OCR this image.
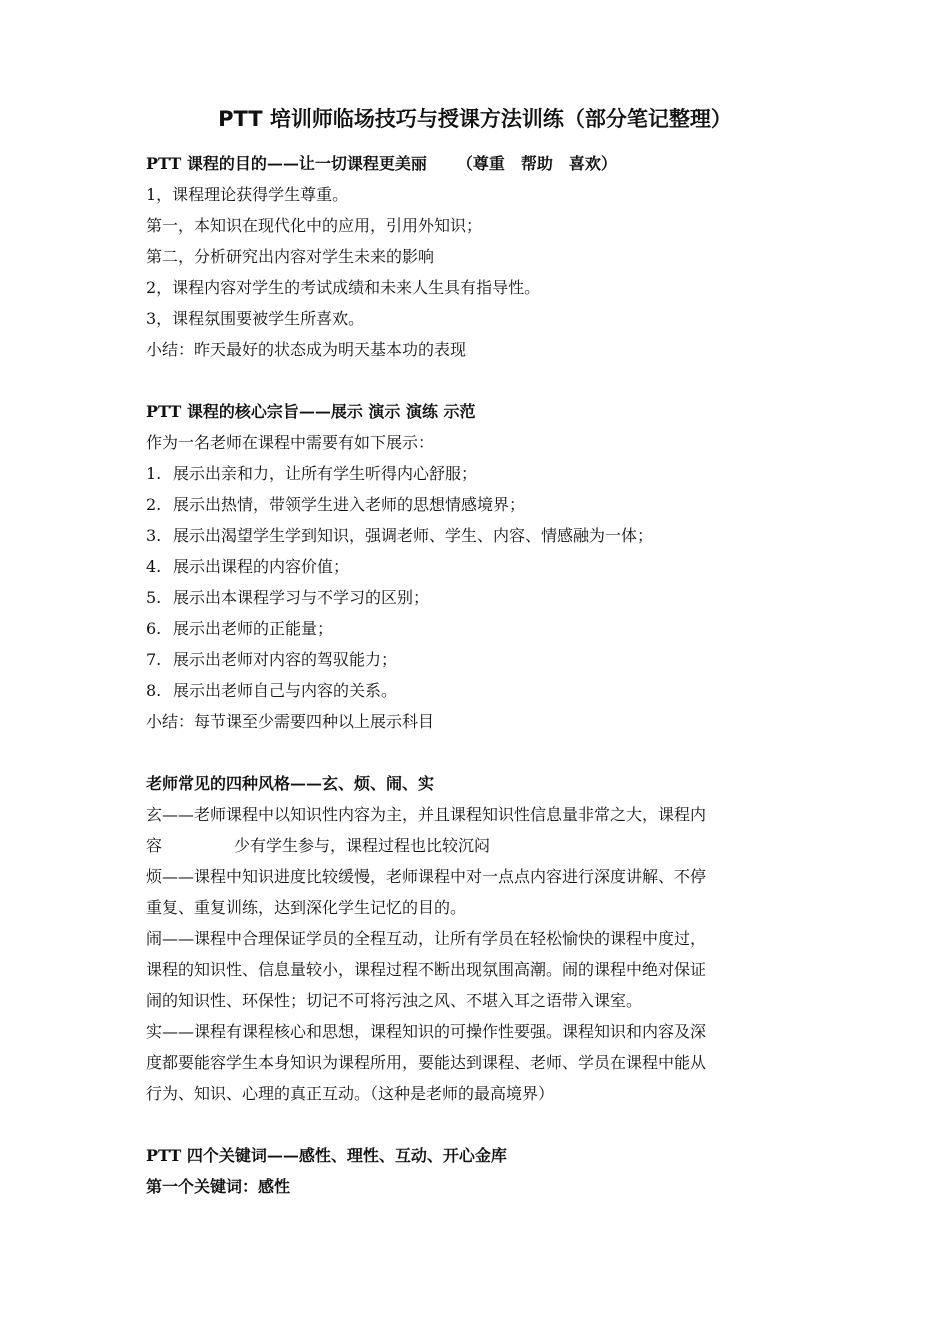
PTT 培训师临场技巧与授课方法训练（部分笔记整理）
PTT 课程的目的——让一切课程更美丽 （尊重　帮助　喜欢）
1，课程理论获得学生尊重。
第一，本知识在现代化中的应用，引用外知识；
第二，分析研究出内容对学生未来的影响
2，课程内容对学生的考试成绩和未来人生具有指导性。
3，课程氛围要被学生所喜欢。
小结：昨天最好的状态成为明天基本功的表现
PTT 课程的核心宗旨——展示 演示 演练 示范
作为一名老师在课程中需要有如下展示：
1. 展示出亲和力，让所有学生听得内心舒服；
2. 展示出热情，带领学生进入老师的思想情感境界；
3. 展示出渴望学生学到知识，强调老师、学生、内容、情感融为一体；
4. 展示出课程的内容价值；
5. 展示出本课程学习与不学习的区别；
6. 展示出老师的正能量；
7. 展示出老师对内容的驾驭能力；
8. 展示出老师自己与内容的关系。
小结：每节课至少需要四种以上展示科目
老师常见的四种风格——玄、烦、闹、实
玄——老师课程中以知识性内容为主，并且课程知识性信息量非常之大，课程内
容	少有学生参与，课程过程也比较沉闷
烦——课程中知识进度比较缓慢，老师课程中对一点点内容进行深度讲解、不停
重复、重复训练，达到深化学生记忆的目的。
闹——课程中合理保证学员的全程互动，让所有学员在轻松愉快的课程中度过，
课程的知识性、信息量较小，课程过程不断出现氛围高潮。闹的课程中绝对保证
闹的知识性、环保性；切记不可将污浊之风、不堪入耳之语带入课室。
实——课程有课程核心和思想，课程知识的可操作性要强。课程知识和内容及深
度都要能容学生本身知识为课程所用，要能达到课程、老师、学员在课程中能从
行为、知识、心理的真正互动。（这种是老师的最高境界）
PTT 四个关键词——感性、理性、互动、开心金库
第一个关键词：感性
